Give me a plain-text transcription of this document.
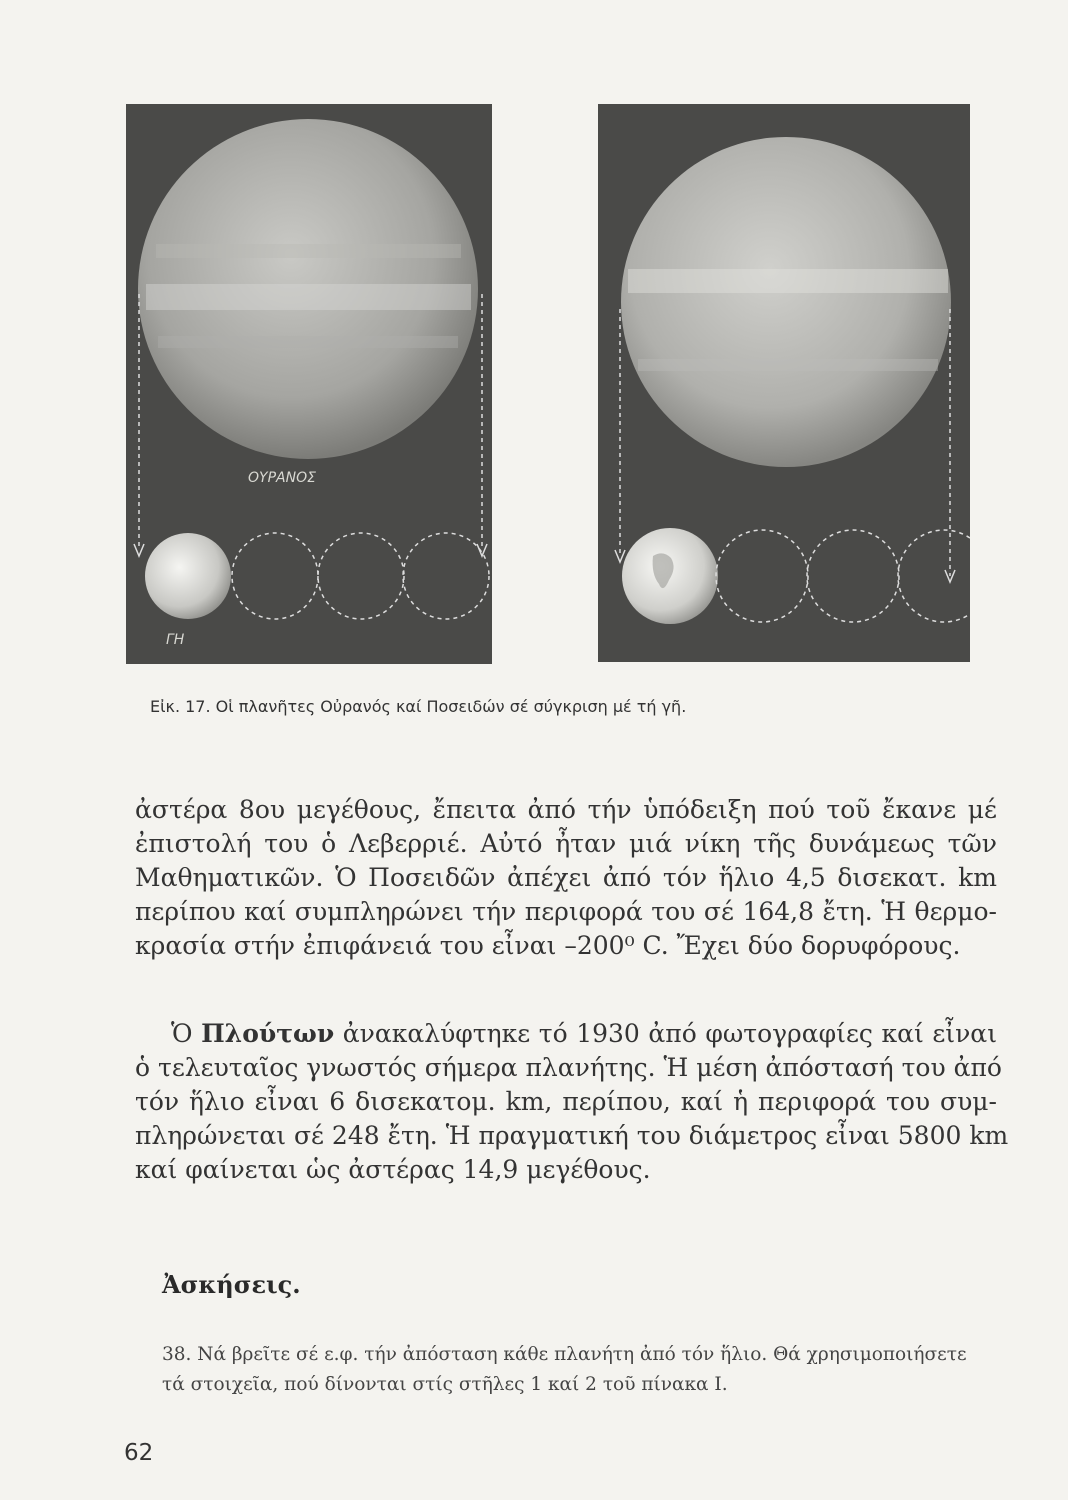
ΟΥΡΑΝΟΣ
ΓΗ
Εἰκ. 17. Οἱ πλανῆτες Οὐρανός καί Ποσειδών σέ σύγκριση μέ τή γῆ.
ἀστέρα 8ου μεγέθους, ἔπειτα ἀπό τήν ὑπόδειξη πού τοῦ ἔκανε μέ
ἐπιστολή του ὁ Λεβερριέ. Αὐτό ἦταν μιά νίκη τῆς δυνάμεως τῶν
Μαθηματικῶν. Ὁ Ποσειδῶν ἀπέχει ἀπό τόν ἥλιο 4,5 δισεκατ. km
περίπου καί συμπληρώνει τήν περιφορά του σέ 164,8 ἔτη. Ἡ θερμο-
κρασία στήν ἐπιφάνειά του εἶναι –200⁰ C. Ἔχει δύο δορυφόρους.
Ὁ Πλούτων ἀνακαλύφτηκε τό 1930 ἀπό φωτογραφίες καί εἶναι
ὁ τελευταῖος γνωστός σήμερα πλανήτης. Ἡ μέση ἀπόστασή του ἀπό
τόν ἥλιο εἶναι 6 δισεκατομ. km, περίπου, καί ἡ περιφορά του συμ-
πληρώνεται σέ 248 ἔτη. Ἡ πραγματική του διάμετρος εἶναι 5800 km
καί φαίνεται ὡς ἀστέρας 14,9 μεγέθους.
Ἀσκήσεις.
38. Νά βρεῖτε σέ ε.φ. τήν ἀπόσταση κάθε πλανήτη ἀπό τόν ἥλιο. Θά χρησιμοποιήσετε τά στοιχεῖα, πού δίνονται στίς στῆλες 1 καί 2 τοῦ πίνακα Ι.
62
